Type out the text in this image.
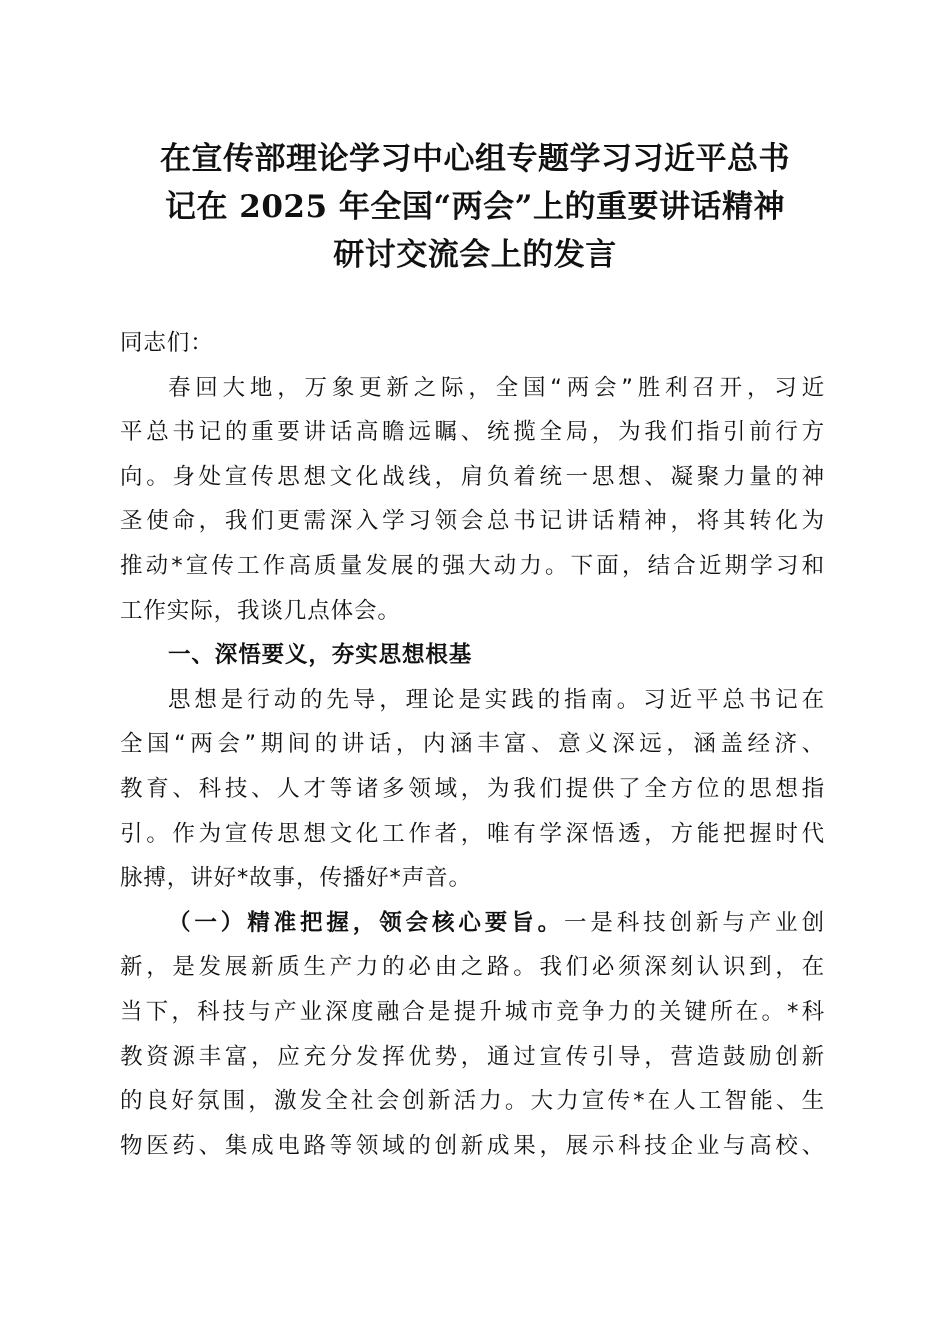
在宣传部理论学习中心组专题学习习近平总书
记在 2025 年全国“两会”上的重要讲话精神
研讨交流会上的发言
同志们：
春回大地，万象更新之际，全国“两会”胜利召开，习近
平总书记的重要讲话高瞻远瞩、统揽全局，为我们指引前行方
向。身处宣传思想文化战线，肩负着统一思想、凝聚力量的神
圣使命，我们更需深入学习领会总书记讲话精神，将其转化为
推动*宣传工作高质量发展的强大动力。下面，结合近期学习和
工作实际，我谈几点体会。
一、深悟要义，夯实思想根基
思想是行动的先导，理论是实践的指南。习近平总书记在
全国“两会”期间的讲话，内涵丰富、意义深远，涵盖经济、
教育、科技、人才等诸多领域，为我们提供了全方位的思想指
引。作为宣传思想文化工作者，唯有学深悟透，方能把握时代
脉搏，讲好*故事，传播好*声音。
（一）精准把握，领会核心要旨。一是科技创新与产业创
新，是发展新质生产力的必由之路。我们必须深刻认识到，在
当下，科技与产业深度融合是提升城市竞争力的关键所在。*科
教资源丰富，应充分发挥优势，通过宣传引导，营造鼓励创新
的良好氛围，激发全社会创新活力。大力宣传*在人工智能、生
物医药、集成电路等领域的创新成果，展示科技企业与高校、
